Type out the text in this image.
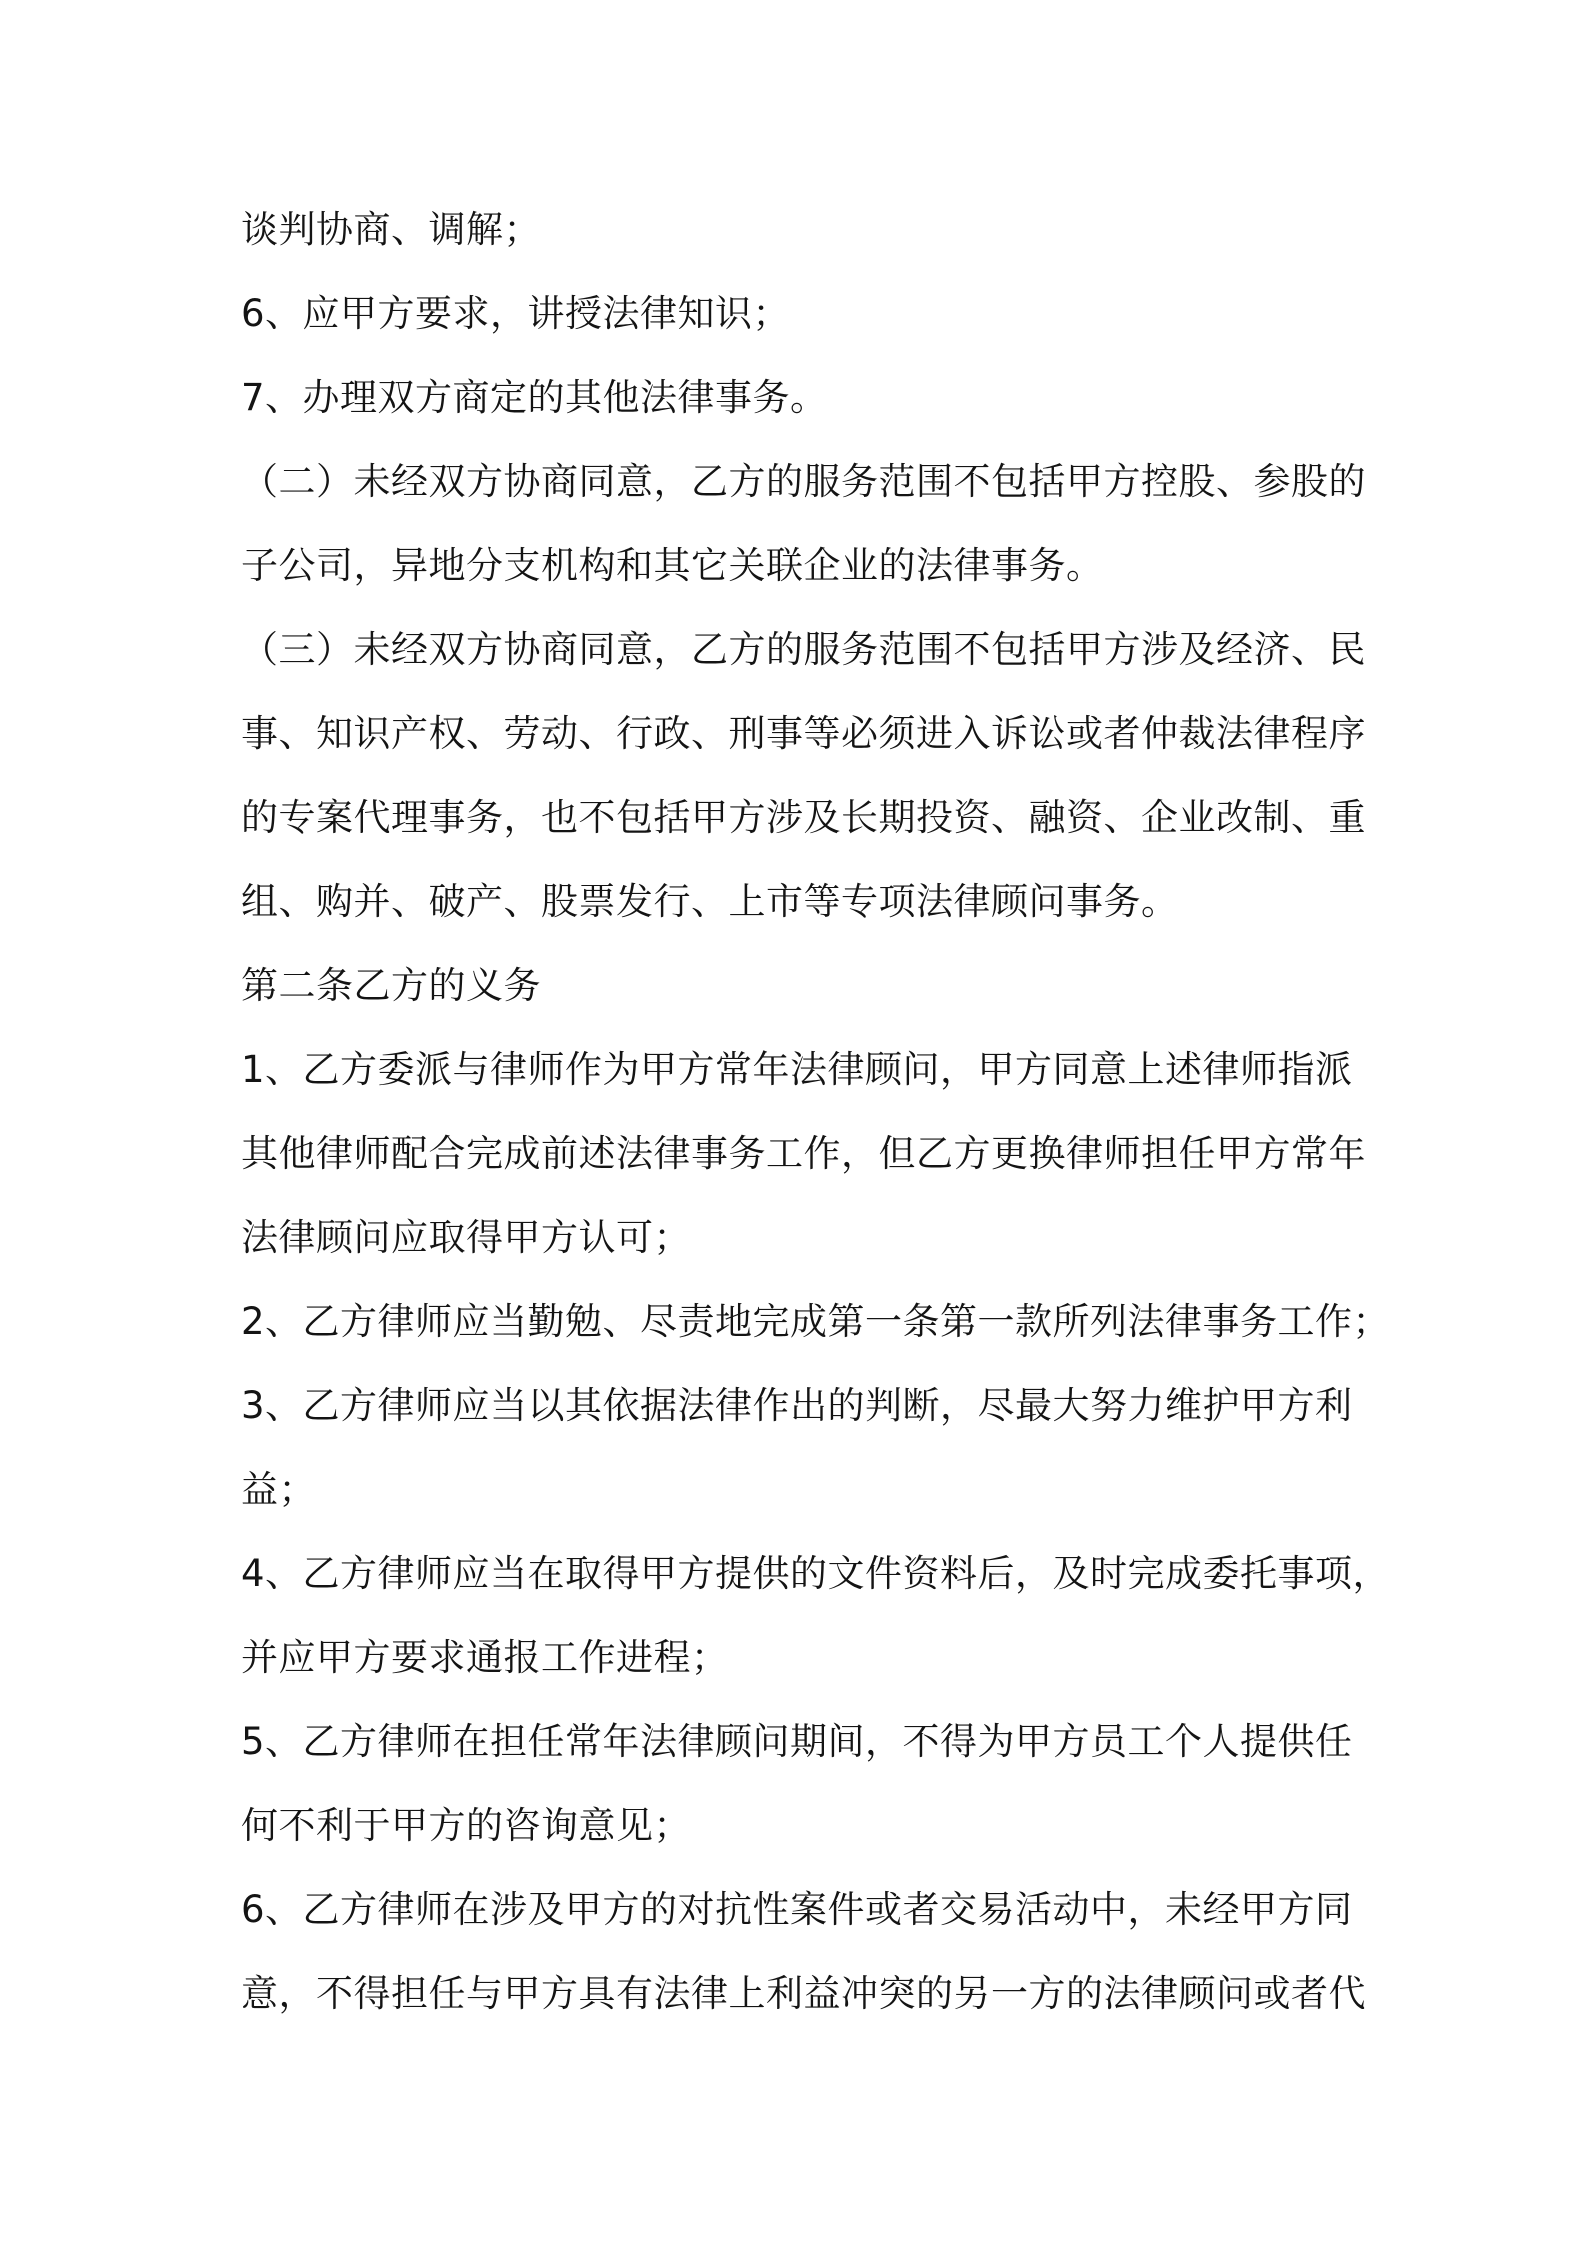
谈判协商、调解；
6、应甲方要求，讲授法律知识；
7、办理双方商定的其他法律事务。
（二）未经双方协商同意，乙方的服务范围不包括甲方控股、参股的
子公司，异地分支机构和其它关联企业的法律事务。
（三）未经双方协商同意，乙方的服务范围不包括甲方涉及经济、民
事、知识产权、劳动、行政、刑事等必须进入诉讼或者仲裁法律程序
的专案代理事务，也不包括甲方涉及长期投资、融资、企业改制、重
组、购并、破产、股票发行、上市等专项法律顾问事务。
第二条乙方的义务
1、乙方委派与律师作为甲方常年法律顾问，甲方同意上述律师指派
其他律师配合完成前述法律事务工作，但乙方更换律师担任甲方常年
法律顾问应取得甲方认可；
2、乙方律师应当勤勉、尽责地完成第一条第一款所列法律事务工作；
3、乙方律师应当以其依据法律作出的判断，尽最大努力维护甲方利
益；
4、乙方律师应当在取得甲方提供的文件资料后，及时完成委托事项，
并应甲方要求通报工作进程；
5、乙方律师在担任常年法律顾问期间，不得为甲方员工个人提供任
何不利于甲方的咨询意见；
6、乙方律师在涉及甲方的对抗性案件或者交易活动中，未经甲方同
意，不得担任与甲方具有法律上利益冲突的另一方的法律顾问或者代
